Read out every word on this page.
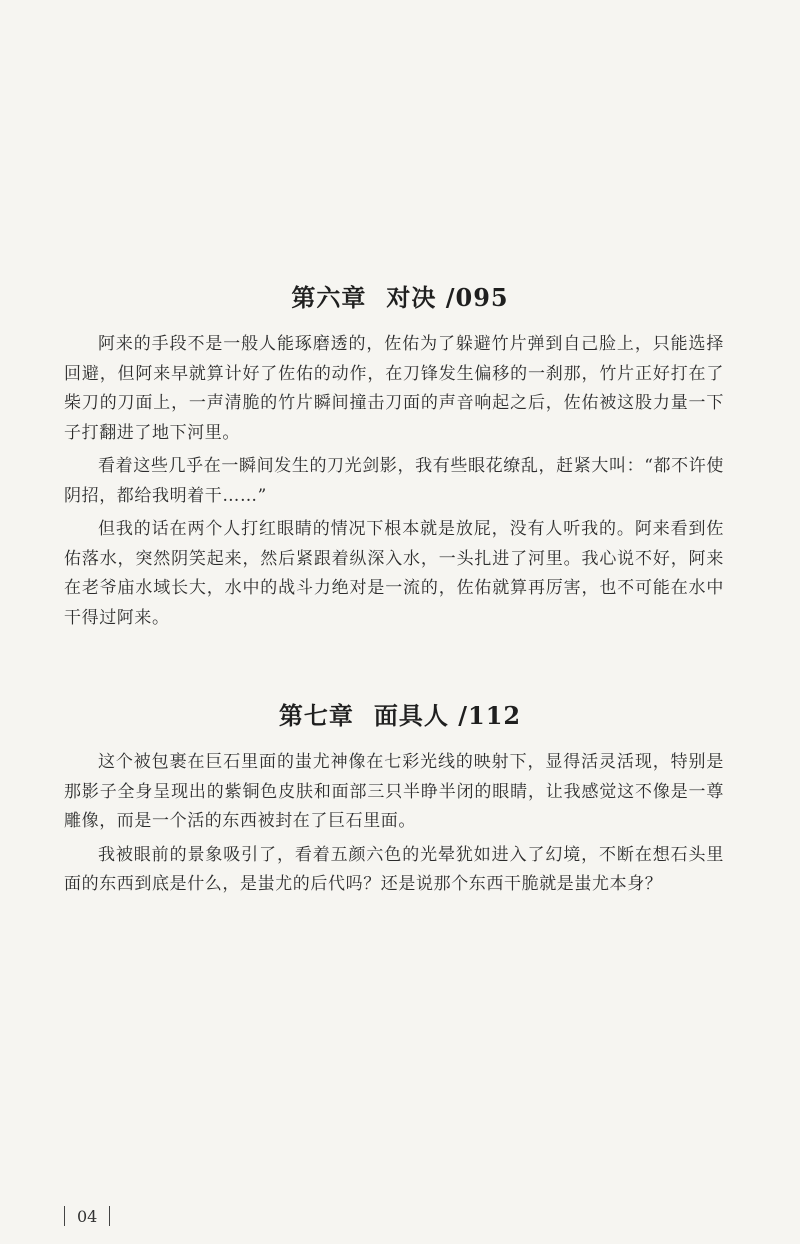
第六章 对决 /095

阿来的手段不是一般人能琢磨透的，佐佑为了躲避竹片弹到自己脸上，只能选择回避，但阿来早就算计好了佐佑的动作，在刀锋发生偏移的一刹那，竹片正好打在了柴刀的刀面上，一声清脆的竹片瞬间撞击刀面的声音响起之后，佐佑被这股力量一下子打翻进了地下河里。

看着这些几乎在一瞬间发生的刀光剑影，我有些眼花缭乱，赶紧大叫：“都不许使阴招，都给我明着干……”

但我的话在两个人打红眼睛的情况下根本就是放屁，没有人听我的。阿来看到佐佑落水，突然阴笑起来，然后紧跟着纵深入水，一头扎进了河里。我心说不好，阿来在老爷庙水域长大，水中的战斗力绝对是一流的，佐佑就算再厉害，也不可能在水中干得过阿来。

第七章 面具人 /112

这个被包裹在巨石里面的蚩尤神像在七彩光线的映射下，显得活灵活现，特别是那影子全身呈现出的紫铜色皮肤和面部三只半睁半闭的眼睛，让我感觉这不像是一尊雕像，而是一个活的东西被封在了巨石里面。

我被眼前的景象吸引了，看着五颜六色的光晕犹如进入了幻境，不断在想石头里面的东西到底是什么，是蚩尤的后代吗？还是说那个东西干脆就是蚩尤本身？

04
